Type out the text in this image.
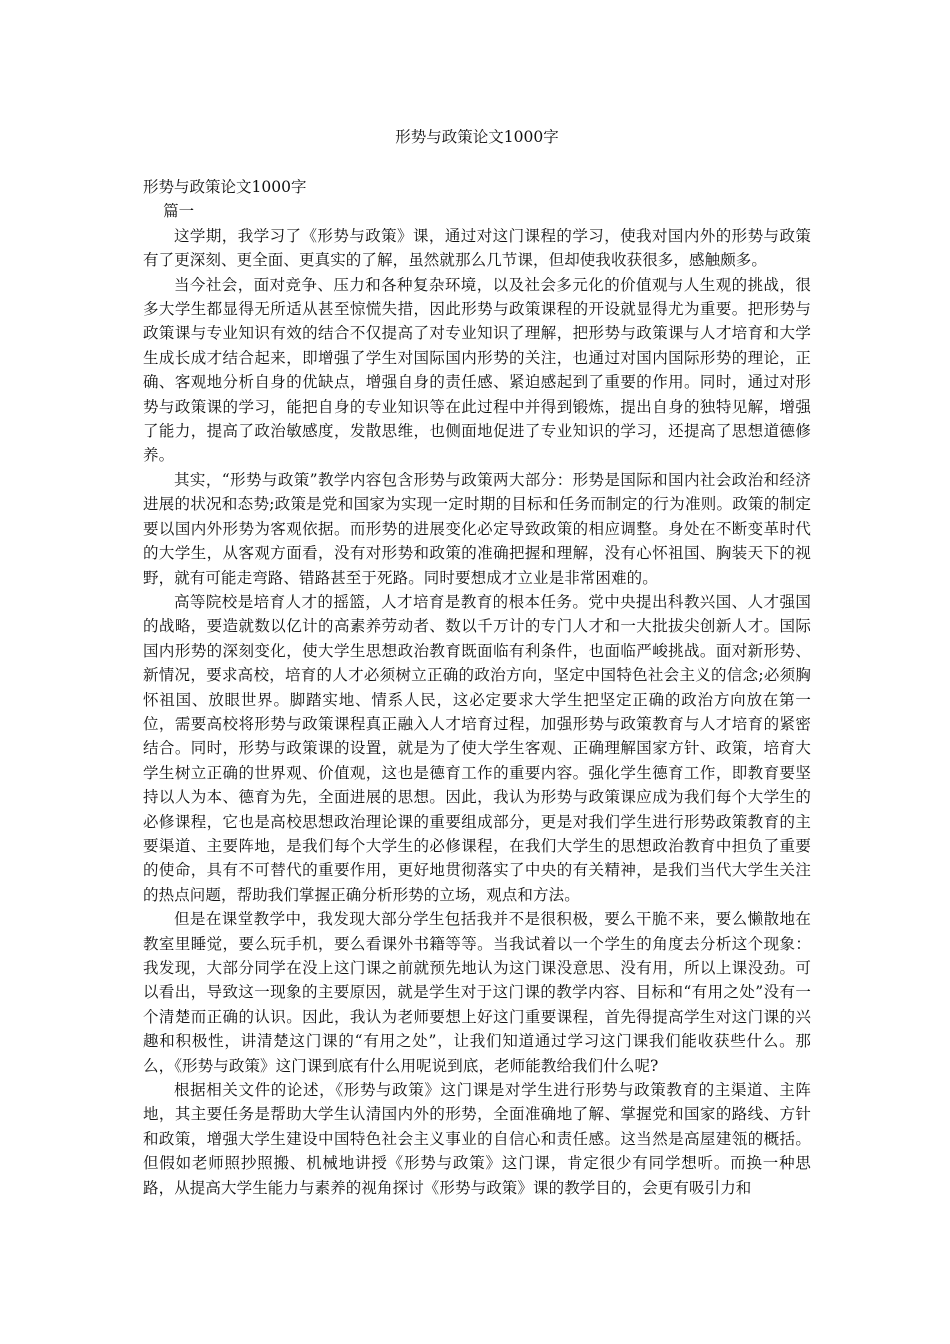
形势与政策论文1000字

形势与政策论文1000字

篇一

这学期，我学习了《形势与政策》课，通过对这门课程的学习，使我对国内外的形势与政策有了更深刻、更全面、更真实的了解，虽然就那么几节课，但却使我收获很多，感触颇多。

当今社会，面对竞争、压力和各种复杂环境，以及社会多元化的价值观与人生观的挑战，很多大学生都显得无所适从甚至惊慌失措，因此形势与政策课程的开设就显得尤为重要。把形势与政策课与专业知识有效的结合不仅提高了对专业知识了理解，把形势与政策课与人才培育和大学生成长成才结合起来，即增强了学生对国际国内形势的关注，也通过对国内国际形势的理论，正确、客观地分析自身的优缺点，增强自身的责任感、紧迫感起到了重要的作用。同时，通过对形势与政策课的学习，能把自身的专业知识等在此过程中并得到锻炼，提出自身的独特见解，增强了能力，提高了政治敏感度，发散思维，也侧面地促进了专业知识的学习，还提高了思想道德修养。

其实，“形势与政策”教学内容包含形势与政策两大部分：形势是国际和国内社会政治和经济进展的状况和态势;政策是党和国家为实现一定时期的目标和任务而制定的行为准则。政策的制定要以国内外形势为客观依据。而形势的进展变化必定导致政策的相应调整。身处在不断变革时代的大学生，从客观方面看，没有对形势和政策的准确把握和理解，没有心怀祖国、胸装天下的视野，就有可能走弯路、错路甚至于死路。同时要想成才立业是非常困难的。

高等院校是培育人才的摇篮，人才培育是教育的根本任务。党中央提出科教兴国、人才强国的战略，要造就数以亿计的高素养劳动者、数以千万计的专门人才和一大批拔尖创新人才。国际国内形势的深刻变化，使大学生思想政治教育既面临有利条件，也面临严峻挑战。面对新形势、新情况，要求高校，培育的人才必须树立正确的政治方向，坚定中国特色社会主义的信念;必须胸怀祖国、放眼世界。脚踏实地、情系人民，这必定要求大学生把坚定正确的政治方向放在第一位，需要高校将形势与政策课程真正融入人才培育过程，加强形势与政策教育与人才培育的紧密结合。同时，形势与政策课的设置，就是为了使大学生客观、正确理解国家方针、政策，培育大学生树立正确的世界观、价值观，这也是德育工作的重要内容。强化学生德育工作，即教育要坚持以人为本、德育为先，全面进展的思想。因此，我认为形势与政策课应成为我们每个大学生的必修课程，它也是高校思想政治理论课的重要组成部分，更是对我们学生进行形势政策教育的主要渠道、主要阵地，是我们每个大学生的必修课程，在我们大学生的思想政治教育中担负了重要的使命，具有不可替代的重要作用，更好地贯彻落实了中央的有关精神，是我们当代大学生关注的热点问题，帮助我们掌握正确分析形势的立场，观点和方法。

但是在课堂教学中，我发现大部分学生包括我并不是很积极，要么干脆不来，要么懒散地在教室里睡觉，要么玩手机，要么看课外书籍等等。当我试着以一个学生的角度去分析这个现象：我发现，大部分同学在没上这门课之前就预先地认为这门课没意思、没有用，所以上课没劲。可以看出，导致这一现象的主要原因，就是学生对于这门课的教学内容、目标和“有用之处”没有一个清楚而正确的认识。因此，我认为老师要想上好这门重要课程，首先得提高学生对这门课的兴趣和积极性，讲清楚这门课的“有用之处”，让我们知道通过学习这门课我们能收获些什么。那么，《形势与政策》这门课到底有什么用呢说到底，老师能教给我们什么呢?

根据相关文件的论述，《形势与政策》这门课是对学生进行形势与政策教育的主渠道、主阵地，其主要任务是帮助大学生认清国内外的形势，全面准确地了解、掌握党和国家的路线、方针和政策，增强大学生建设中国特色社会主义事业的自信心和责任感。这当然是高屋建瓴的概括。但假如老师照抄照搬、机械地讲授《形势与政策》这门课，肯定很少有同学想听。而换一种思路，从提高大学生能力与素养的视角探讨《形势与政策》课的教学目的，会更有吸引力和
